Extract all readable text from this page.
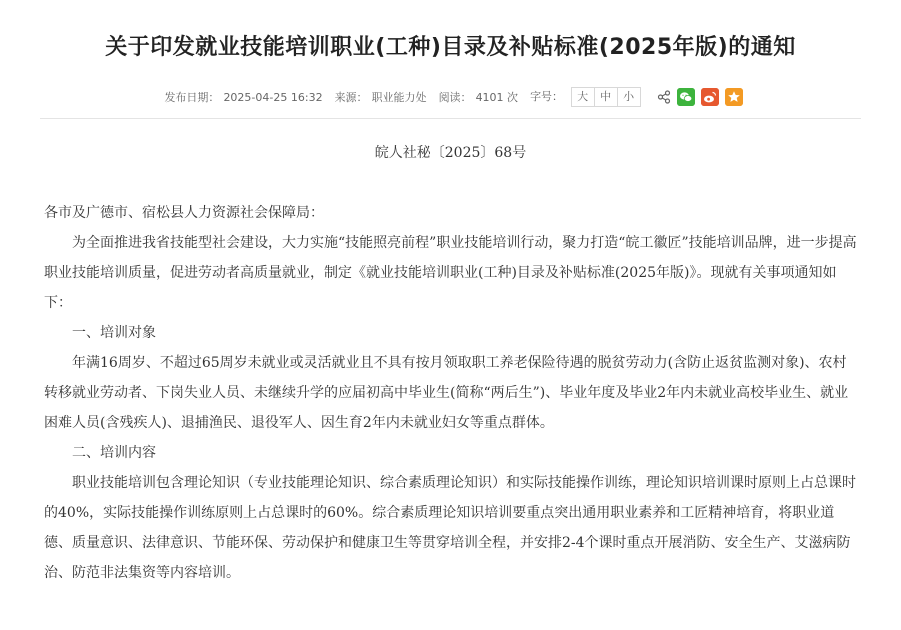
关于印发就业技能培训职业(工种)目录及补贴标准(2025年版)的通知
发布日期： 2025-04-25 16:32 来源： 职业能力处 阅读： 4101 次 字号：	大	中	小
皖人社秘〔2025〕68号

各市及广德市、宿松县人力资源社会保障局：

为全面推进我省技能型社会建设，大力实施“技能照亮前程”职业技能培训行动，聚力打造“皖工徽匠”技能培训品牌，进一步提高职业技能培训质量，促进劳动者高质量就业，制定《就业技能培训职业(工种)目录及补贴标准(2025年版)》。现就有关事项通知如下：

一、培训对象

年满16周岁、不超过65周岁未就业或灵活就业且不具有按月领取职工养老保险待遇的脱贫劳动力(含防止返贫监测对象)、农村转移就业劳动者、下岗失业人员、未继续升学的应届初高中毕业生(简称“两后生”)、毕业年度及毕业2年内未就业高校毕业生、就业困难人员(含残疾人)、退捕渔民、退役军人、因生育2年内未就业妇女等重点群体。

二、培训内容

职业技能培训包含理论知识（专业技能理论知识、综合素质理论知识）和实际技能操作训练，理论知识培训课时原则上占总课时的40%，实际技能操作训练原则上占总课时的60%。综合素质理论知识培训要重点突出通用职业素养和工匠精神培育，将职业道德、质量意识、法律意识、节能环保、劳动保护和健康卫生等贯穿培训全程，并安排2-4个课时重点开展消防、安全生产、艾滋病防治、防范非法集资等内容培训。
